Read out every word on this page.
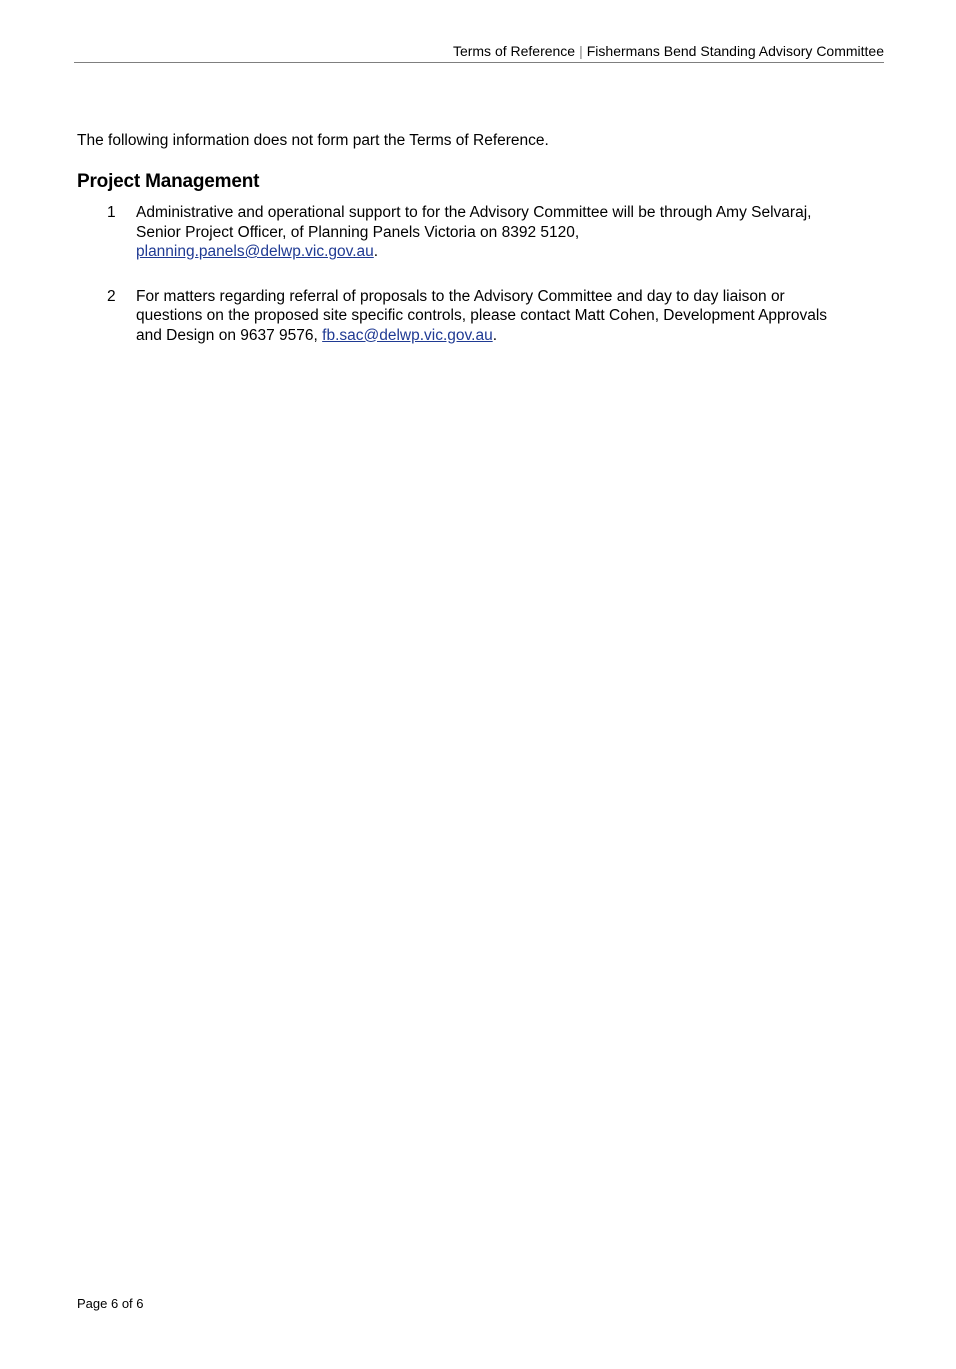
Terms of Reference | Fishermans Bend Standing Advisory Committee

The following information does not form part the Terms of Reference.

Project Management
1 Administrative and operational support to for the Advisory Committee will be through Amy Selvaraj,
Senior Project Officer, of Planning Panels Victoria on 8392 5120,
planning.panels@delwp.vic.gov.au.
2 For matters regarding referral of proposals to the Advisory Committee and day to day liaison or
questions on the proposed site specific controls, please contact Matt Cohen, Development Approvals
and Design on 9637 9576, fb.sac@delwp.vic.gov.au.
Page 6 of 6
